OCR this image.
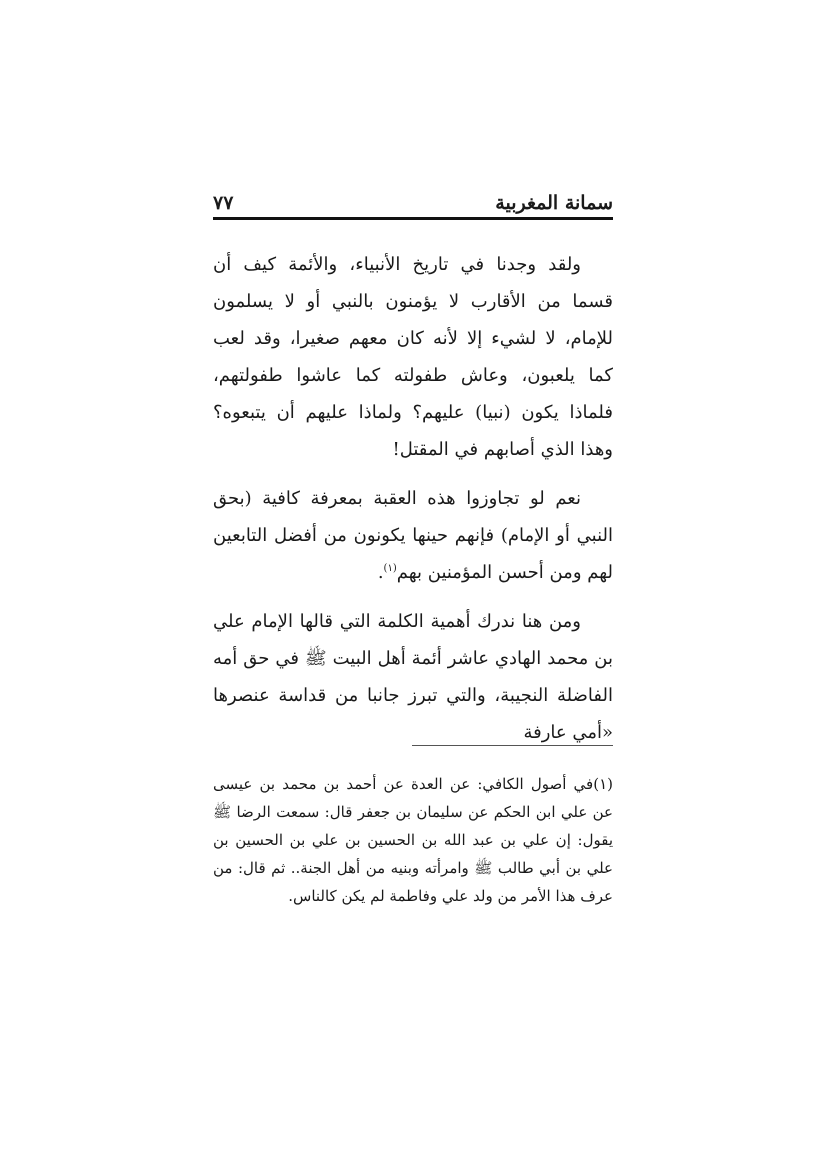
سمانة المغربية
٧٧

ولقد وجدنا في تاريخ الأنبياء، والأئمة كيف أن قسما من الأقارب لا يؤمنون بالنبي أو لا يسلمون للإمام، لا لشيء إلا لأنه كان معهم صغيرا، وقد لعب كما يلعبون، وعاش طفولته كما عاشوا طفولتهم، فلماذا يكون (نبيا) عليهم؟ ولماذا عليهم أن يتبعوه؟ وهذا الذي أصابهم في المقتل!

نعم لو تجاوزوا هذه العقبة بمعرفة كافية (بحق النبي أو الإمام) فإنهم حينها يكونون من أفضل التابعين لهم ومن أحسن المؤمنين بهم$^{(١)}$.

ومن هنا ندرك أهمية الكلمة التي قالها الإمام علي بن محمد الهادي عاشر أئمة أهل البيت ﷺ في حق أمه الفاضلة النجيبة، والتي تبرز جانبا من قداسة عنصرها «أمي عارفة

(١)في أصول الكافي: عن العدة عن أحمد بن محمد بن عيسى عن علي ابن الحكم عن سليمان بن جعفر قال: سمعت الرضا ﷺ يقول: إن علي بن عبد الله بن الحسين بن علي بن الحسين بن علي بن أبي طالب ﷺ وامرأته وبنيه من أهل الجنة.. ثم قال: من عرف هذا الأمر من ولد علي وفاطمة لم يكن كالناس.
